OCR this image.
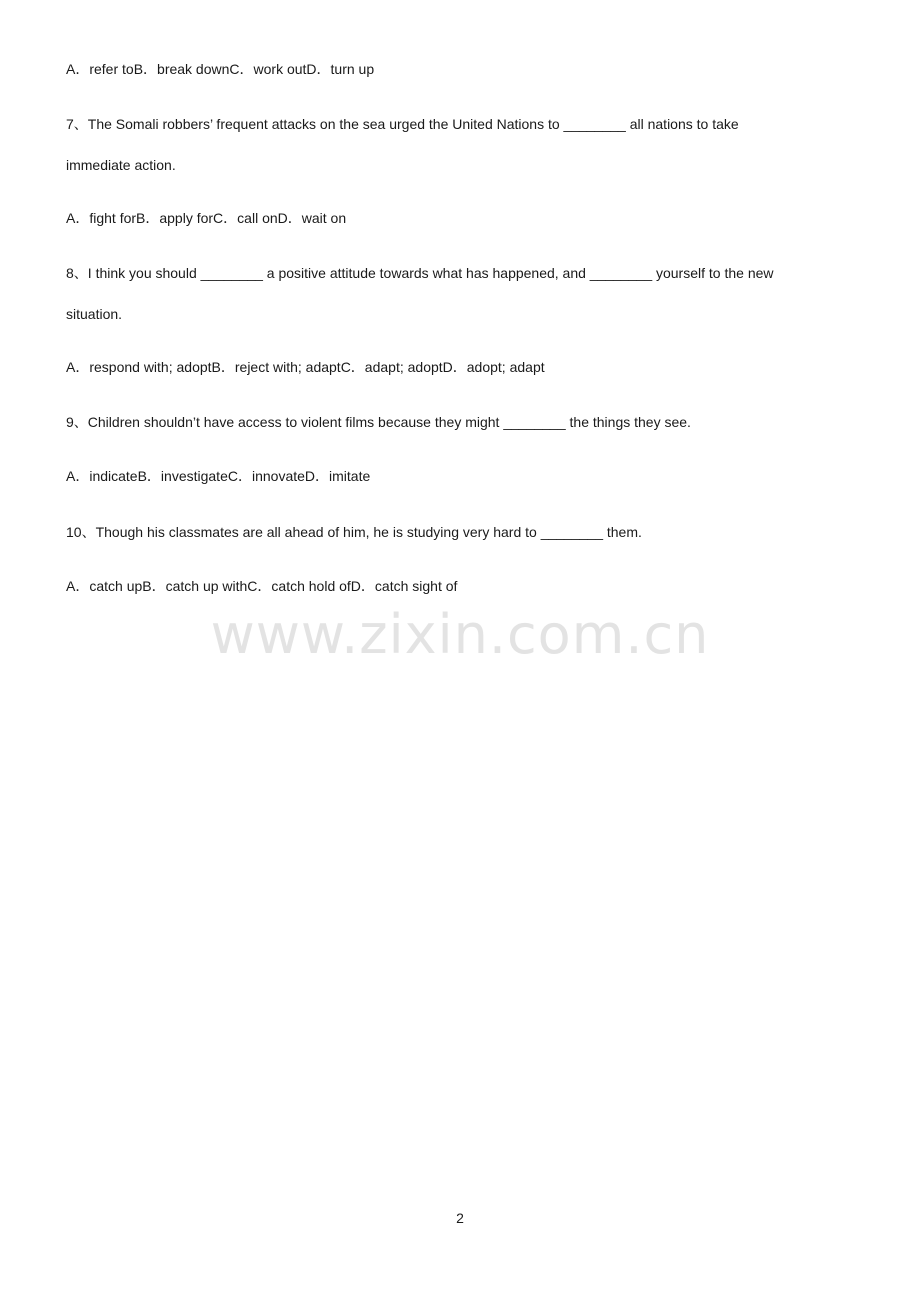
A．refer toB．break downC．work outD．turn up
7、The Somali robbers’ frequent attacks on the sea urged the United Nations to ________ all nations to take
immediate action.
A．fight forB．apply forC．call onD．wait on
8、I think you should ________ a positive attitude towards what has happened, and ________ yourself to the new
situation.
A．respond with; adoptB．reject with; adaptC．adapt; adoptD．adopt; adapt
9、Children shouldn’t have access to violent films because they might ________ the things they see.
A．indicateB．investigateC．innovateD．imitate
10、Though his classmates are all ahead of him, he is studying very hard to ________ them.
A．catch upB．catch up withC．catch hold ofD．catch sight of
www.zixin.com.cn
2
